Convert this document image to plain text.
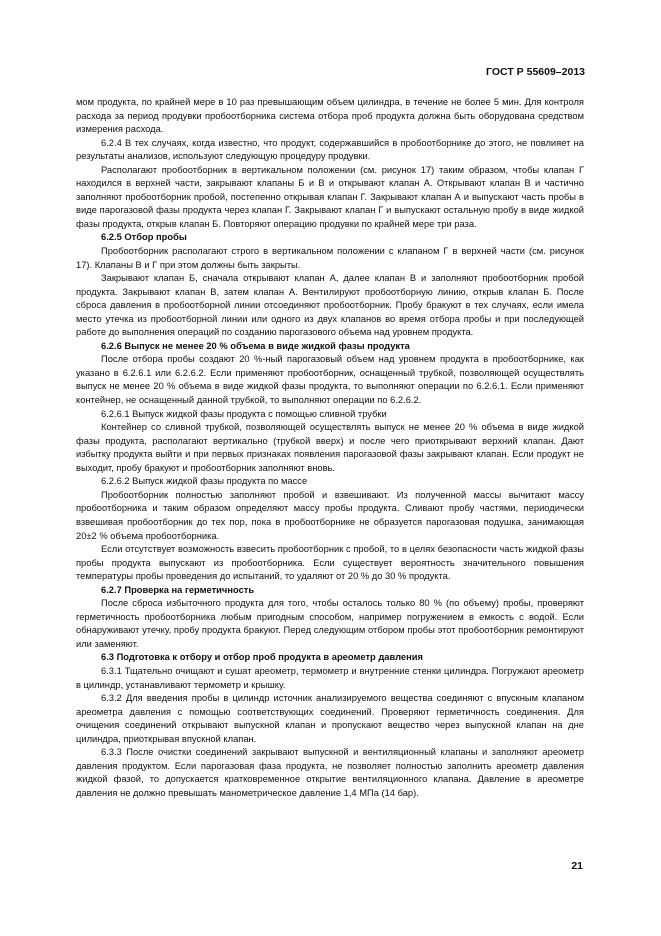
ГОСТ Р 55609–2013

мом продукта, по крайней мере в 10 раз превышающим объем цилиндра, в течение не более 5 мин. Для контроля расхода за период продувки пробоотборника система отбора проб продукта должна быть оборудована средством измерения расхода.

6.2.4 В тех случаях, когда известно, что продукт, содержавшийся в пробоотборнике до этого, не повлияет на результаты анализов, используют следующую процедуру продувки.

Располагают пробоотборник в вертикальном положении (см. рисунок 17) таким образом, чтобы клапан Г находился в верхней части, закрывают клапаны Б и В и открывают клапан А. Открывают клапан В и частично заполняют пробоотборник пробой, постепенно открывая клапан Г. Закрывают клапан А и выпускают часть пробы в виде парогазовой фазы продукта через клапан Г. Закрывают клапан Г и выпускают остальную пробу в виде жидкой фазы продукта, открыв клапан Б. Повторяют операцию продувки по крайней мере три раза.

6.2.5 Отбор пробы

Пробоотборник располагают строго в вертикальном положении с клапаном Г в верхней части (см. рисунок 17). Клапаны В и Г при этом должны быть закрыты.

Закрывают клапан Б, сначала открывают клапан А, далее клапан В и заполняют пробоотборник пробой продукта. Закрывают клапан В, затем клапан А. Вентилируют пробоотборную линию, открыв клапан Б. После сброса давления в пробоотборной линии отсоединяют пробоотборник. Пробу бракуют в тех случаях, если имела место утечка из пробоотборной линии или одного из двух клапанов во время отбора пробы и при последующей работе до выполнения операций по созданию парогазового объема над уровнем продукта.

6.2.6 Выпуск не менее 20 % объема в виде жидкой фазы продукта

После отбора пробы создают 20 %-ный парогазовый объем над уровнем продукта в пробоотборнике, как указано в 6.2.6.1 или 6.2.6.2. Если применяют пробоотборник, оснащенный трубкой, позволяющей осуществлять выпуск не менее 20 % объема в виде жидкой фазы продукта, то выполняют операции по 6.2.6.1. Если применяют контейнер, не оснащенный данной трубкой, то выполняют операции по 6.2.6.2.

6.2.6.1 Выпуск жидкой фазы продукта с помощью сливной трубки

Контейнер со сливной трубкой, позволяющей осуществлять выпуск не менее 20 % объема в виде жидкой фазы продукта, располагают вертикально (трубкой вверх) и после чего приоткрывают верхний клапан. Дают избытку продукта выйти и при первых признаках появления парогазовой фазы закрывают клапан. Если продукт не выходит, пробу бракуют и пробоотборник заполняют вновь.

6.2.6.2 Выпуск жидкой фазы продукта по массе

Пробоотборник полностью заполняют пробой и взвешивают. Из полученной массы вычитают массу пробоотборника и таким образом определяют массу пробы продукта. Сливают пробу частями, периодически взвешивая пробоотборник до тех пор, пока в пробоотборнике не образуется парогазовая подушка, занимающая 20±2 % объема пробоотборника.

Если отсутствует возможность взвесить пробоотборник с пробой, то в целях безопасности часть жидкой фазы пробы продукта выпускают из пробоотборника. Если существует вероятность значительного повышения температуры пробы проведения до испытаний, то удаляют от 20 % до 30 % продукта.

6.2.7 Проверка на герметичность

После сброса избыточного продукта для того, чтобы осталось только 80 % (по объему) пробы, проверяют герметичность пробоотборника любым пригодным способом, например погружением в емкость с водой. Если обнаруживают утечку, пробу продукта бракуют. Перед следующим отбором пробы этот пробоотборник ремонтируют или заменяют.

6.3 Подготовка к отбору и отбор проб продукта в ареометр давления

6.3.1 Тщательно очищают и сушат ареометр, термометр и внутренние стенки цилиндра. Погружают ареометр в цилиндр, устанавливают термометр и крышку.

6.3.2 Для введения пробы в цилиндр источник анализируемого вещества соединяют с впускным клапаном ареометра давления с помощью соответствующих соединений. Проверяют герметичность соединения. Для очищения соединений открывают выпускной клапан и пропускают вещество через выпускной клапан на дне цилиндра, приоткрывая впускной клапан.

6.3.3 После очистки соединений закрывают выпускной и вентиляционный клапаны и заполняют ареометр давления продуктом. Если парогазовая фаза продукта, не позволяет полностью заполнить ареометр давления жидкой фазой, то допускается кратковременное открытие вентиляционного клапана. Давление в ареометре давления не должно превышать манометрическое давление 1,4 МПа (14 бар).

21
